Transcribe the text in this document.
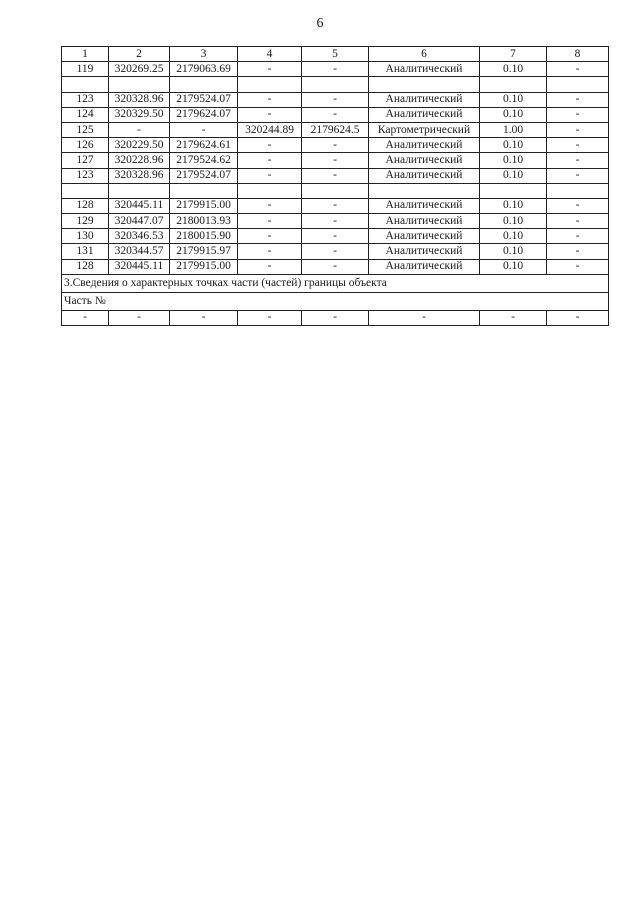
6
1	2	3	4	5	6	7	8
119	320269.25	2179063.69	-	-	Аналитический	0.10	-

123	320328.96	2179524.07	-	-	Аналитический	0.10	-
124	320329.50	2179624.07	-	-	Аналитический	0.10	-
125	-	-	320244.89	2179624.5	Картометрический	1.00	-
126	320229.50	2179624.61	-	-	Аналитический	0.10	-
127	320228.96	2179524.62	-	-	Аналитический	0.10	-
123	320328.96	2179524.07	-	-	Аналитический	0.10	-

128	320445.11	2179915.00	-	-	Аналитический	0.10	-
129	320447.07	2180013.93	-	-	Аналитический	0.10	-
130	320346.53	2180015.90	-	-	Аналитический	0.10	-
131	320344.57	2179915.97	-	-	Аналитический	0.10	-
128	320445.11	2179915.00	-	-	Аналитический	0.10	-
3.Сведения о характерных точках части (частей) границы объекта							
Часть №							
-	-	-	-	-	-	-	-
